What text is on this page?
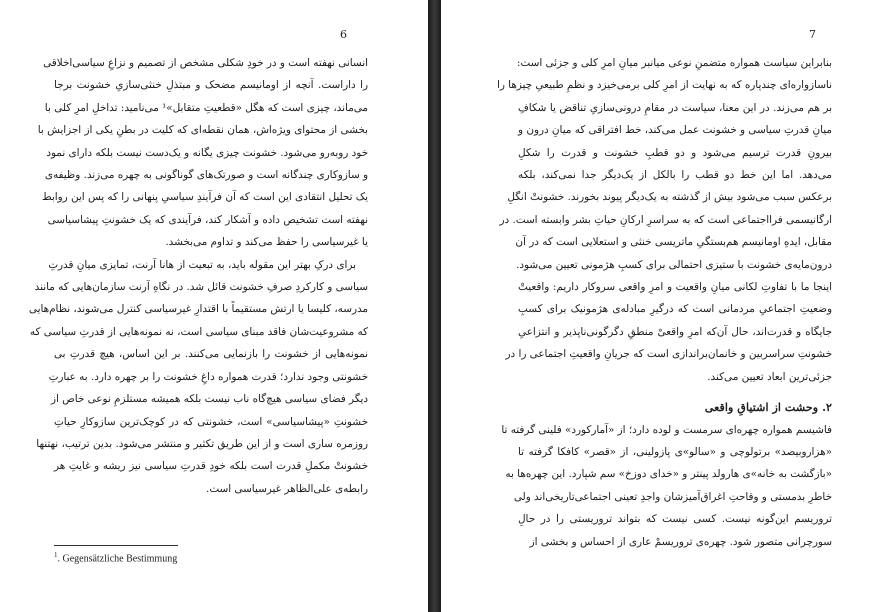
6
انسانی نهفته است و در خودِ شکلی مشخص از تصمیم و نزاعِ سیاسی‌اخلاقی
را داراست. آنچه از اومانیسم مضحک و مبتذلِ خنثی‌سازیِ خشونت برجا
می‌ماند، چیزی است که هگل «قطعیتِ متقابل»¹ می‌نامید: تداخلِ امرِ کلی با
بخشی از محتوای ویژه‌اش، همان نقطه‌ای که کلیت در بطنِ یکی از اجزایش با
خود روبه‌رو می‌شود. خشونت چیزی یگانه و یک‌دست نیست بلکه دارای نمود
و سازوکاری چندگانه است و صورتک‌های گوناگونی به چهره می‌زند. وظیفه‌ی
یک تحلیل انتقادی این است که آن فرآیندِ سیاسیِ پنهانی را که پس این روابط
نهفته است تشخیص داده و آشکار کند، فرآیندی که یک خشونتِ پیشاسیاسی
یا غیرسیاسی را حفظ می‌کند و تداوم می‌بخشد.
برای درکِ بهتر این مقوله باید، به تبعیت از هانا آرنت، تمایزی میانِ قدرتِ
سیاسی و کارکردِ صرفِ خشونت قائل شد. در نگاهِ آرنت سازمان‌هایی که مانند
مدرسه، کلیسا یا ارتش مستقیماً با اقتدارِ غیرسیاسی کنترل می‌شوند، نظام‌هایی
که مشروعیت‌شان فاقد مبنای سیاسی است، نه نمونه‌هایی از قدرتِ سیاسی که
نمونه‌هایی از خشونت را بازنمایی می‌کنند. بر این اساس، هیچ قدرتِ بی
خشونتی وجود ندارد؛ قدرت همواره داغِ خشونت را بر چهره دارد. به عبارتِ
دیگر فضای سیاسی هیچ‌گاه ناب نیست بلکه همیشه مستلزمِ نوعی خاص از
خشونتِ «پیشاسیاسی» است، خشونتی که در کوچک‌ترین سازوکارِ حیاتِ
روزمره ساری است و از این طریق تکثیر و منتشر می‌شود. بدین ترتیب، نهتنها
خشونتْ مکملِ قدرت است بلکه خودِ قدرتِ سیاسی نیز ریشه و غایتِ هر
رابطه‌ی علی‌الظاهر غیرسیاسی است.
$^1$. Gegensätzliche Bestimmung
7
بنابراین سیاست همواره متضمنِ نوعی میانبر میانِ امرِ کلی و جزئی است:
ناسازواره‌ای چندپاره که به نهایت از امرِ کلی برمی‌خیزد و نظمِ طبیعیِ چیزها را
بر هم می‌زند. در این معنا، سیاست در مقامِ درونی‌سازیِ تناقض یا شکافِ
میانِ قدرتِ سیاسی و خشونت عمل می‌کند، خط افتراقی که میانِ درون و
بیرونِ قدرت ترسیم می‌شود و دو قطبِ خشونت و قدرت را شکلِ
می‌دهد. اما این خط دو قطب را بالکل از یک‌دیگر جدا نمی‌کند، بلکه
برعکس سبب می‌شود بیش از گذشته به یک‌دیگر پیوند بخورند. خشونتْ انگل‌ِ
ارگانیسمی فرااجتماعی است که به سراسرِ ارکانِ حیاتِ بشر وابسته است. در
مقابل، ایدهِ اومانیسم هم‌بستگیِ ماتریسی خنثی و استعلایی است که در آن
درون‌مایه‌ی خشونت با ستیزی احتمالی برای کسبِ هژمونی تعیین می‌شود.
اینجا ما با تفاوتِ لکانی میانِ واقعیت و امرِ واقعی سروکار داریم: واقعیتْ
وضعیتِ اجتماعیِ مردمانی است که درگیرِ مبادله‌ی هژمونیک برای کسبِ
جایگاه و قدرت‌اند، حال آن‌که امرِ واقعیْ منطقِ دگرگونی‌ناپذیر و انتزاعیِ
خشونتِ سراسربین و خانمان‌براندازی است که جریانِ واقعیتِ اجتماعی را در
جزئی‌ترین ابعاد تعیین می‌کند.
۲. وحشت از اشتیاقِ واقعی
فاشیسم همواره چهره‌ای سرمست و لوده دارد؛ از «آمارکورد» فلینی گرفته تا
«هزاروبیصد» برتولوچی و «سالو»ی پازولینی، از «قصر» کافکا گرفته تا
«بازگشت به خانه»ی هارولد پینتر و «خدای دوزخ» سم شپارد. این چهره‌ها به
خاطرِ بدمستی و وقاحتِ اغراق‌آمیزشان واجدِ تعینی اجتماعی‌تاریخی‌اند ولی
تروریسم این‌گونه نیست. کسی نیست که بتواند تروریستی را در حالِ
سورچرانی متصور شود. چهره‌ی تروریسمْ عاری از احساس و بخشی از
